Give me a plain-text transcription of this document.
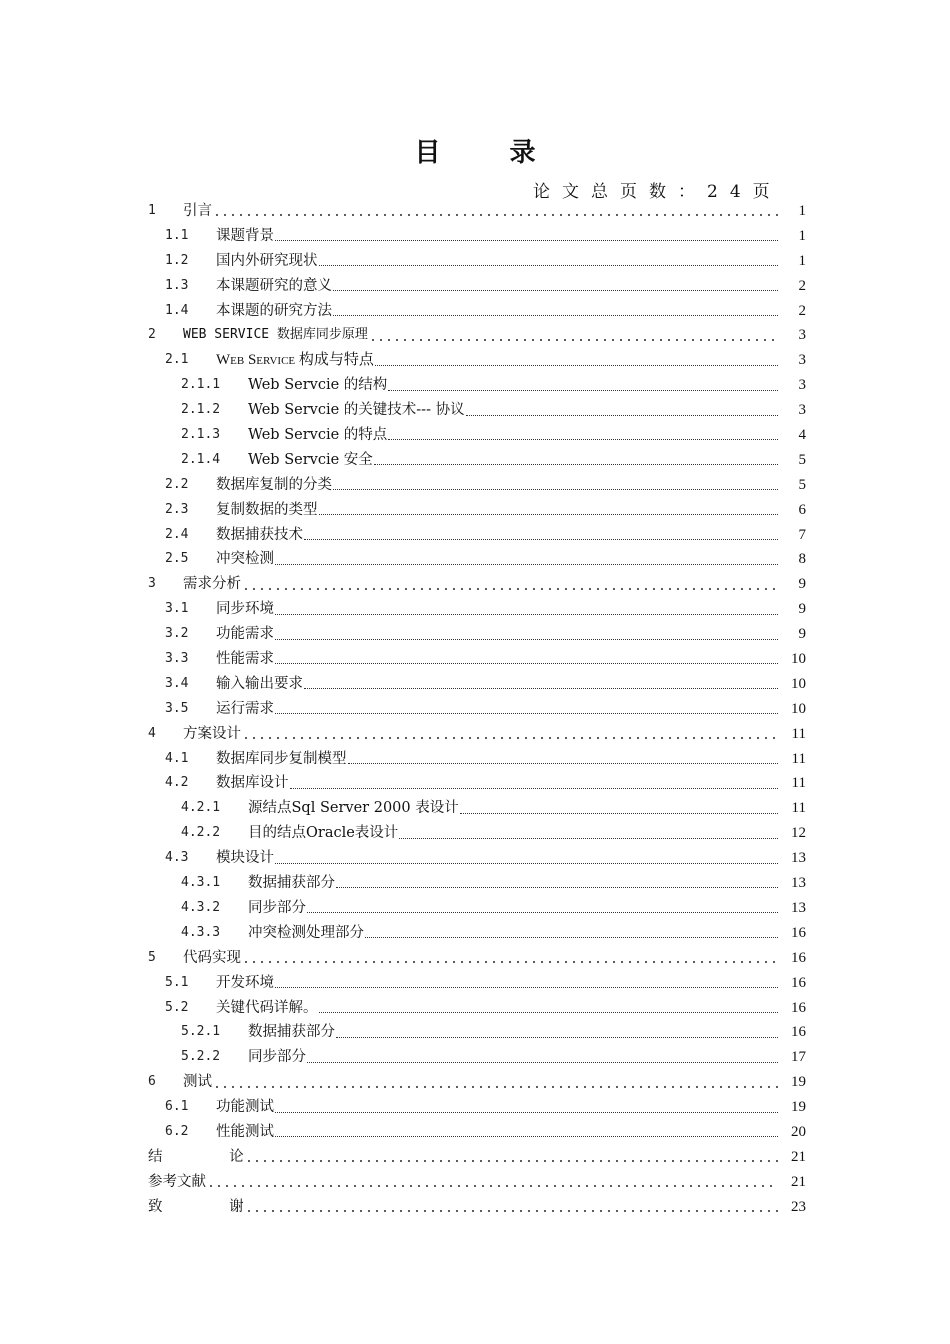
目 录
论文总页数：24页
1	引言	1
1.1	课题背景	1
1.2	国内外研究现状	1
1.3	本课题研究的意义	2
1.4	本课题的研究方法	2
2	WEB SERVICE 数据库同步原理	3
2.1	Web Service 构成与特点	3
2.1.1	Web Servcie 的结构	3
2.1.2	Web Servcie 的关键技术--- 协议	3
2.1.3	Web Servcie 的特点	4
2.1.4	Web Servcie 安全	5
2.2	数据库复制的分类	5
2.3	复制数据的类型	6
2.4	数据捕获技术	7
2.5	冲突检测	8
3	需求分析	9
3.1	同步环境	9
3.2	功能需求	9
3.3	性能需求	10
3.4	输入输出要求	10
3.5	运行需求	10
4	方案设计	11
4.1	数据库同步复制模型	11
4.2	数据库设计	11
4.2.1	源结点Sql Server 2000 表设计	11
4.2.2	目的结点Oracle表设计	12
4.3	模块设计	13
4.3.1	数据捕获部分	13
4.3.2	同步部分	13
4.3.3	冲突检测处理部分	16
5	代码实现	16
5.1	开发环境	16
5.2	关键代码详解。	16
5.2.1	数据捕获部分	16
5.2.2	同步部分	17
6	测试	19
6.1	功能测试	19
6.2	性能测试	20
结 论	21
参考文献	21
致 谢	23
